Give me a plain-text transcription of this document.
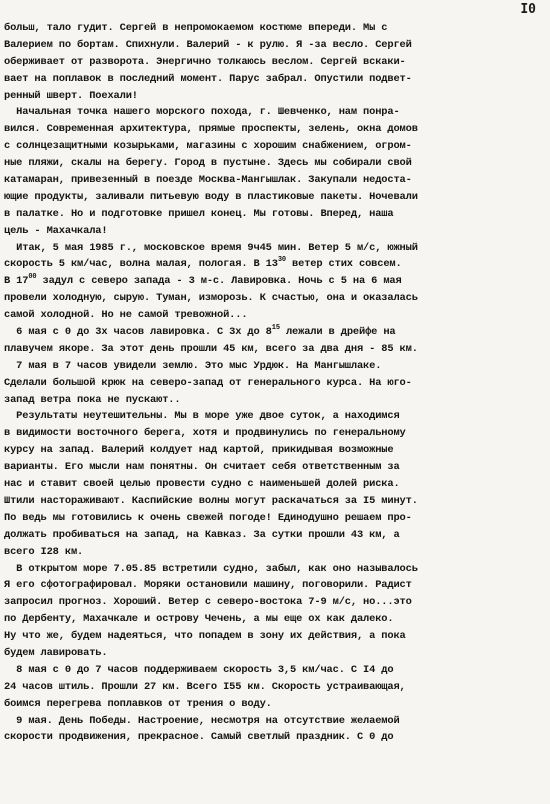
I0
больш, тало гудит. Сергей в непромокаемом костюме впереди. Мы с
Валерием по бортам. Спихнули. Валерий - к рулю. Я -за весло. Сергей
оберживает от разворота. Энергично толкаюсь веслом. Сергей вскаки-
вает на поплавок в последний момент. Парус забрал. Опустили подвет-
ренный шверт. Поехали!
Начальная точка нашего морского похода, г. Шевченко, нам понра-
вился. Современная архитектура, прямые проспекты, зелень, окна домов
с солнцезащитными козырьками, магазины с хорошим снабжением, огром-
ные пляжи, скалы на берегу. Город в пустыне. Здесь мы собирали свой
катамаран, привезенный в поезде Москва-Мангышлак. Закупали недоста-
ющие продукты, заливали питьевую воду в пластиковые пакеты. Ночевали
в палатке. Но и подготовке пришел конец. Мы готовы. Вперед, наша
цель - Махачкала!
Итак, 5 мая 1985 г., московское время 9ч45 мин. Ветер 5 м/с, южный
скорость 5 км/час, волна малая, пологая. В $13^{30}$ ветер стих совсем.
В $17^{00}$ задул с северо запада - 3 м-с. Лавировка. Ночь с 5 на 6 мая
провели холодную, сырую. Туман, изморозь. К счастью, она и оказалась
самой холодной. Но не самой тревожной...
6 мая с 0 до 3х часов лавировка. С 3х до $8^{15}$ лежали в дрейфе на
плавучем якоре. За этот день прошли 45 км, всего за два дня - 85 км.
7 мая в 7 часов увидели землю. Это мыс Урдюк. На Мангышлаке.
Сделали большой крюк на северо-запад от генерального курса. На юго-
запад ветра пока не пускают..
Результаты неутешительны. Мы в море уже двое суток, а находимся
в видимости восточного берега, хотя и продвинулись по генеральному
курсу на запад. Валерий колдует над картой, прикидывая возможные
варианты. Его мысли нам понятны. Он считает себя ответственным за
нас и ставит своей целью провести судно с наименьшей долей риска.
Штили настораживают. Каспийские волны могут раскачаться за I5 минут.
По ведь мы готовились к очень свежей погоде! Единодушно решаем про-
должать пробиваться на запад, на Кавказ. За сутки прошли 43 км, а
всего I28 км.
В открытом море 7.05.85 встретили судно, забыл, как оно называлось
Я его сфотографировал. Моряки остановили машину, поговорили. Радист
запросил прогноз. Хороший. Ветер с северо-востока 7-9 м/с, но...это
по Дербенту, Махачкале и острову Чечень, а мы еще ох как далеко.
Ну что же, будем надеяться, что попадем в зону их действия, а пока
будем лавировать.
8 мая с 0 до 7 часов поддерживаем скорость 3,5 км/час. С I4 до
24 часов штиль. Прошли 27 км. Всего I55 км. Скорость устраивающая,
боимся перегрева поплавков от трения о воду.
9 мая. День Победы. Настроение, несмотря на отсутствие желаемой
скорости продвижения, прекрасное. Самый светлый праздник. С 0 до
